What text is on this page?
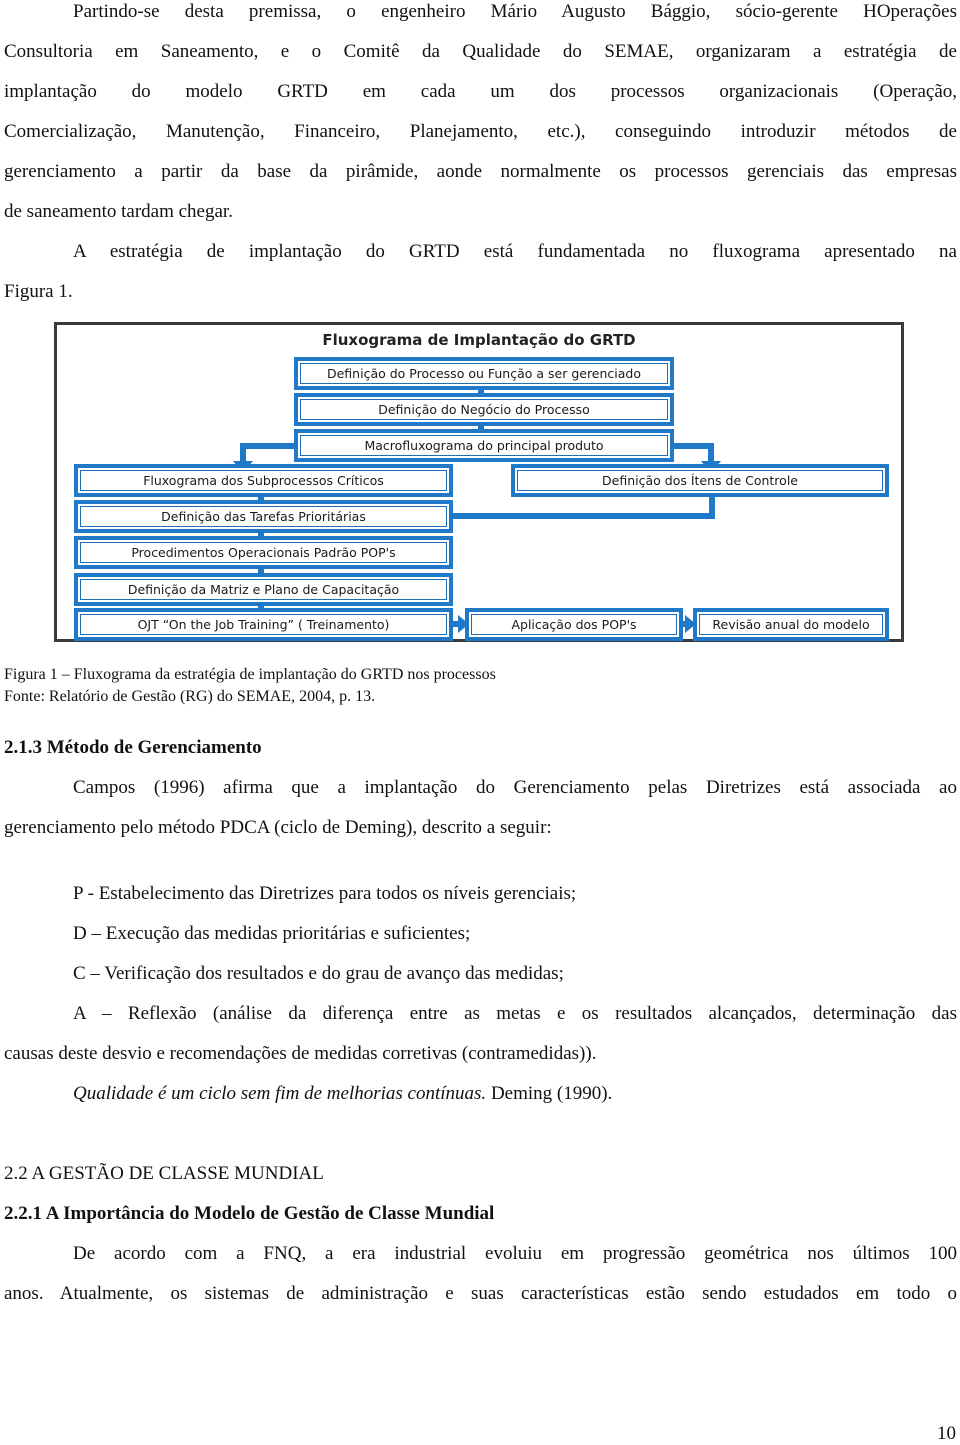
Partindo-se desta premissa, o engenheiro Mário Augusto Bággio, sócio-gerente HOperações
Consultoria em Saneamento, e o Comitê da Qualidade do SEMAE, organizaram a estratégia de
implantação do modelo GRTD em cada um dos processos organizacionais (Operação,
Comercialização, Manutenção, Financeiro, Planejamento, etc.), conseguindo introduzir métodos de
gerenciamento a partir da base da pirâmide, aonde normalmente os processos gerenciais das empresas
de saneamento tardam chegar.
A estratégia de implantação do GRTD está fundamentada no fluxograma apresentado na
Figura 1.
Fluxograma de Implantação do GRTD
Definição do Processo ou Função a ser gerenciado
Definição do Negócio do Processo
Macrofluxograma do principal produto
Fluxograma dos Subprocessos Críticos	Definição dos Ítens de Controle
Definição das Tarefas Prioritárias
Procedimentos Operacionais Padrão POP's
Definição da Matriz e Plano de Capacitação
OJT “On the Job Training” ( Treinamento)	Aplicação dos POP's	Revisão anual do modelo
Figura 1 – Fluxograma da estratégia de implantação do GRTD nos processos
Fonte: Relatório de Gestão (RG) do SEMAE, 2004, p. 13.
2.1.3 Método de Gerenciamento
Campos (1996) afirma que a implantação do Gerenciamento pelas Diretrizes está associada ao
gerenciamento pelo método PDCA (ciclo de Deming), descrito a seguir:
P - Estabelecimento das Diretrizes para todos os níveis gerenciais;
D – Execução das medidas prioritárias e suficientes;
C – Verificação dos resultados e do grau de avanço das medidas;
A – Reflexão (análise da diferença entre as metas e os resultados alcançados, determinação das
causas deste desvio e recomendações de medidas corretivas (contramedidas)).
Qualidade é um ciclo sem fim de melhorias contínuas. Deming (1990).
2.2 A GESTÃO DE CLASSE MUNDIAL
2.2.1 A Importância do Modelo de Gestão de Classe Mundial
De acordo com a FNQ, a era industrial evoluiu em progressão geométrica nos últimos 100
anos. Atualmente, os sistemas de administração e suas características estão sendo estudados em todo o
10
